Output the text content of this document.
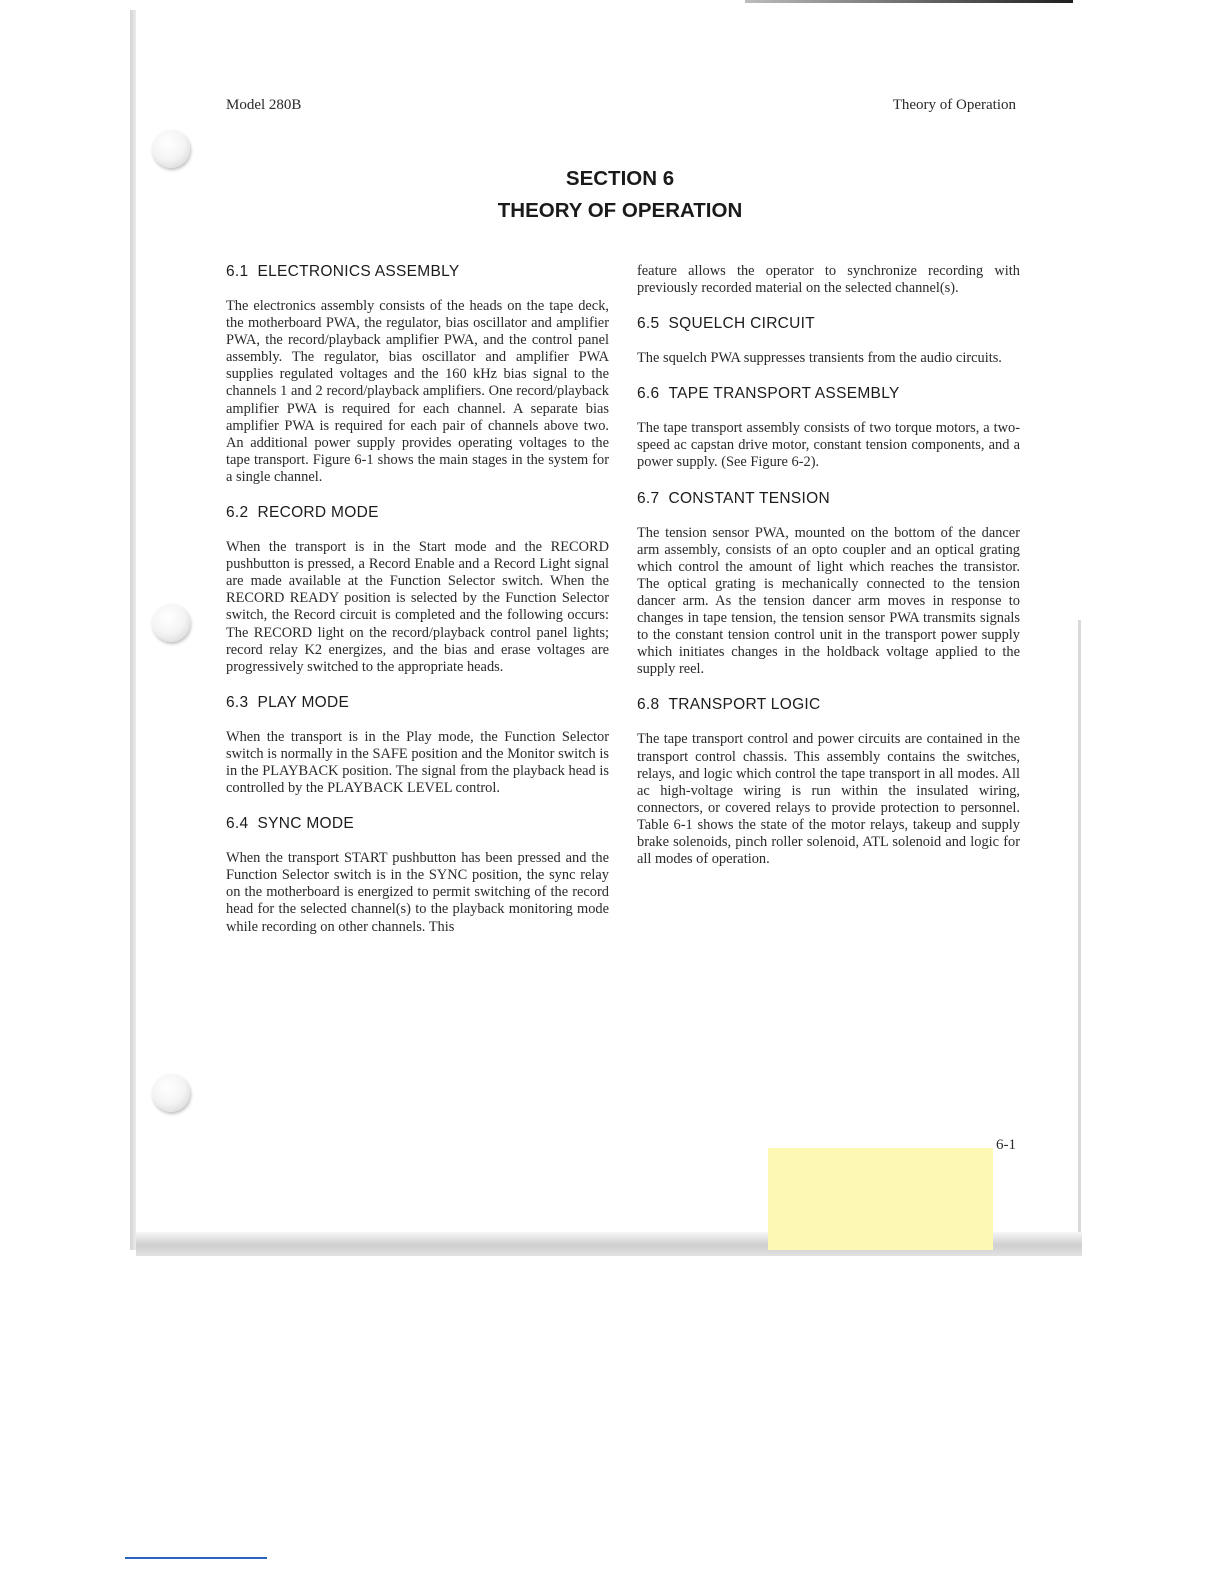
Model 280B	Theory of Operation
SECTION 6
THEORY OF OPERATION
6.1 ELECTRONICS ASSEMBLY

The electronics assembly consists of the heads on the tape deck, the motherboard PWA, the regulator, bias oscillator and amplifier PWA, the record/playback amplifier PWA, and the control panel assembly. The regulator, bias oscillator and amplifier PWA supplies regulated voltages and the 160 kHz bias signal to the channels 1 and 2 record/playback amplifiers. One record/playback amplifier PWA is required for each channel. A separate bias amplifier PWA is required for each pair of channels above two. An additional power supply provides operating voltages to the tape transport. Figure 6-1 shows the main stages in the system for a single channel.

6.2 RECORD MODE

When the transport is in the Start mode and the RECORD pushbutton is pressed, a Record Enable and a Record Light signal are made available at the Function Selector switch. When the RECORD READY position is selected by the Function Selector switch, the Record circuit is completed and the following occurs: The RECORD light on the record/playback control panel lights; record relay K2 energizes, and the bias and erase voltages are progressively switched to the appropriate heads.

6.3 PLAY MODE

When the transport is in the Play mode, the Function Selector switch is normally in the SAFE position and the Monitor switch is in the PLAYBACK position. The signal from the playback head is controlled by the PLAYBACK LEVEL control.

6.4 SYNC MODE

When the transport START pushbutton has been pressed and the Function Selector switch is in the SYNC position, the sync relay on the motherboard is energized to permit switching of the record head for the selected channel(s) to the playback monitoring mode while recording on other channels. This

feature allows the operator to synchronize recording with previously recorded material on the selected channel(s).

6.5 SQUELCH CIRCUIT

The squelch PWA suppresses transients from the audio circuits.

6.6 TAPE TRANSPORT ASSEMBLY

The tape transport assembly consists of two torque motors, a two-speed ac capstan drive motor, constant tension components, and a power supply. (See Figure 6-2).

6.7 CONSTANT TENSION

The tension sensor PWA, mounted on the bottom of the dancer arm assembly, consists of an opto coupler and an optical grating which control the amount of light which reaches the transistor. The optical grating is mechanically connected to the tension dancer arm. As the tension dancer arm moves in response to changes in tape tension, the tension sensor PWA transmits signals to the constant tension control unit in the transport power supply which initiates changes in the holdback voltage applied to the supply reel.

6.8 TRANSPORT LOGIC

The tape transport control and power circuits are contained in the transport control chassis. This assembly contains the switches, relays, and logic which control the tape transport in all modes. All ac high-voltage wiring is run within the insulated wiring, connectors, or covered relays to provide protection to personnel. Table 6-1 shows the state of the motor relays, takeup and supply brake solenoids, pinch roller solenoid, ATL solenoid and logic for all modes of operation.

6-1
